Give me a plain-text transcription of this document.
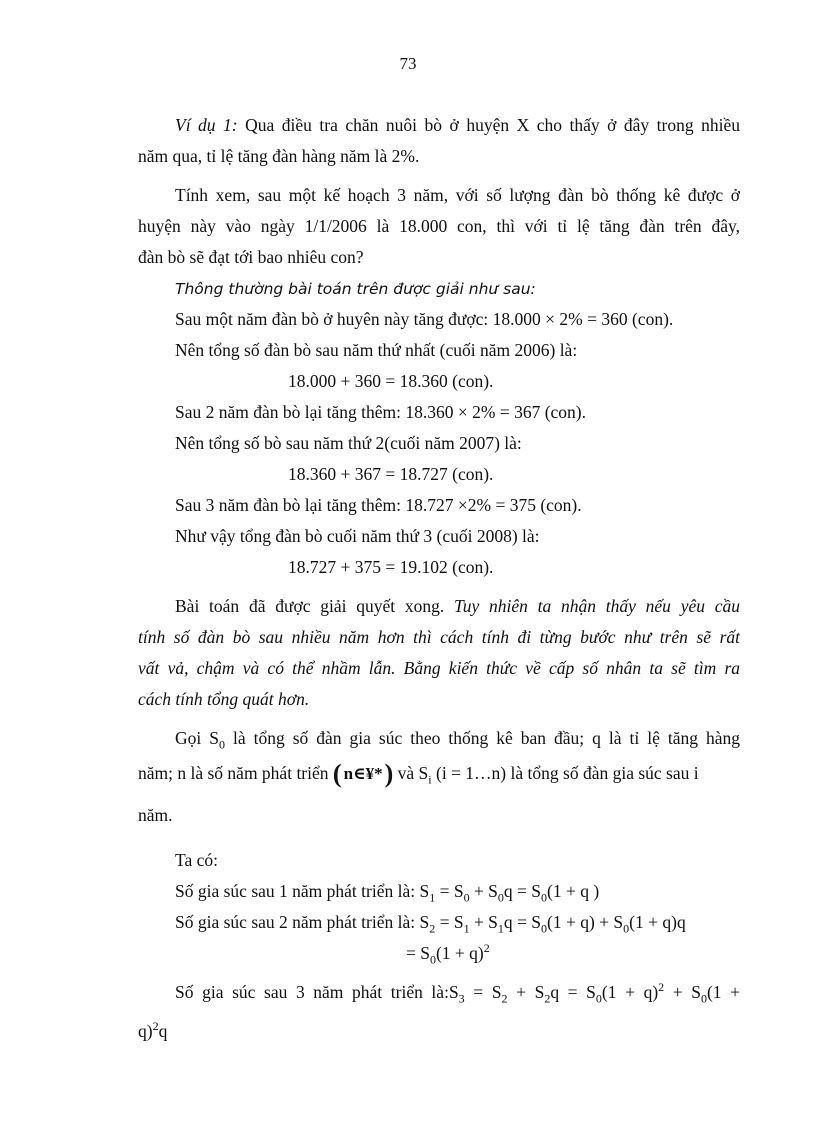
73
Ví dụ 1: Qua điều tra chăn nuôi bò ở huyện X cho thấy ở đây trong nhiều
năm qua, tỉ lệ tăng đàn hàng năm là 2%.
Tính xem, sau một kế hoạch 3 năm, với số lượng đàn bò thống kê được ở
huyện này vào ngày 1/1/2006 là 18.000 con, thì với tỉ lệ tăng đàn trên đây,
đàn bò sẽ đạt tới bao nhiêu con?
Thông thường bài toán trên được giải như sau:
Sau một năm đàn bò ở huyên này tăng được: 18.000 × 2% = 360 (con).
Nên tổng số đàn bò sau năm thứ nhất (cuối năm 2006) là:
18.000 + 360 = 18.360 (con).
Sau 2 năm đàn bò lại tăng thêm: 18.360 × 2% = 367 (con).
Nên tổng số bò sau năm thứ 2(cuối năm 2007) là:
18.360 + 367 = 18.727 (con).
Sau 3 năm đàn bò lại tăng thêm: 18.727 ×2% = 375 (con).
Như vậy tổng đàn bò cuối năm thứ 3 (cuối 2008) là:
18.727 + 375 = 19.102 (con).
Bài toán đã được giải quyết xong. Tuy nhiên ta nhận thấy nếu yêu cầu
tính số đàn bò sau nhiều năm hơn thì cách tính đi từng bước như trên sẽ rất
vất vả, chậm và có thể nhầm lẫn. Bằng kiến thức về cấp số nhân ta sẽ tìm ra
cách tính tổng quát hơn.
Gọi $S_0$ là tổng số đàn gia súc theo thống kê ban đầu; q là tỉ lệ tăng hàng
năm; n là số năm phát triển ( n∈¥*) và $S_i$ (i = 1…n) là tổng số đàn gia súc sau i
năm.
Ta có:
Số gia súc sau 1 năm phát triển là: $S_1 = S_0 + S_0q = S_0(1 + q$ )
Số gia súc sau 2 năm phát triển là: $S_2 = S_1 + S_1q = S_0(1 + q) + S_0(1 + q)q$
= $S_0(1 + q)^2$
Số gia súc sau 3 năm phát triển $là:S_3 = S_2 + S_2q = S_0(1 + q)^2 + S_0(1$ +
q)$^2$q
